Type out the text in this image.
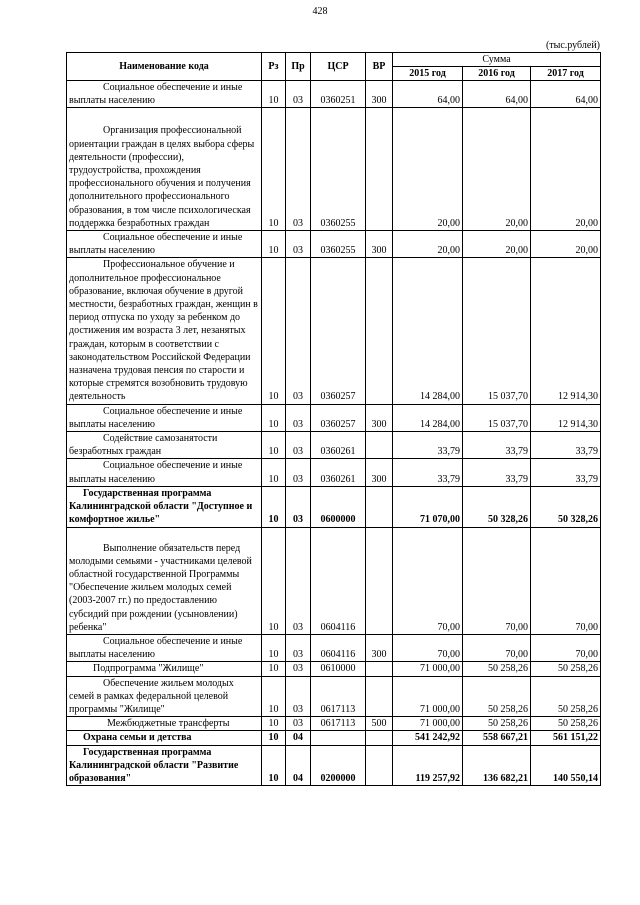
428
(тыс.рублей)
Наименование кода	Рз	Пр	ЦСР	ВР	Сумма		
					2015 год	2016 год	2017 год
Социальное обеспечение и иные выплаты населению	10	03	0360251	300	64,00	64,00	64,00
Организация профессиональной ориентации граждан в целях выбора сферы деятельности (профессии), трудоустройства, прохождения профессионального обучения и получения дополнительного профессионального образования, в том числе психологическая поддержка безработных граждан	10	03	0360255		20,00	20,00	20,00
Социальное обеспечение и иные выплаты населению	10	03	0360255	300	20,00	20,00	20,00
Профессиональное обучение и дополнительное профессиональное образование, включая обучение в другой местности, безработных граждан, женщин в период отпуска по уходу за ребенком до достижения им возраста 3 лет, незанятых граждан, которым в соответствии с законодательством Российской Федерации назначена трудовая пенсия по старости и которые стремятся возобновить трудовую деятельность	10	03	0360257		14 284,00	15 037,70	12 914,30
Социальное обеспечение и иные выплаты населению	10	03	0360257	300	14 284,00	15 037,70	12 914,30
Содействие самозанятости безработных граждан	10	03	0360261		33,79	33,79	33,79
Социальное обеспечение и иные выплаты населению	10	03	0360261	300	33,79	33,79	33,79
Государственная программа Калининградской области "Доступное и комфортное жилье"	10	03	0600000		71 070,00	50 328,26	50 328,26
Выполнение обязательств перед молодыми семьями - участниками целевой областной государственной Программы "Обеспечение жильем молодых семей (2003-2007 гг.) по предоставлению субсидий при рождении (усыновлении) ребенка"	10	03	0604116		70,00	70,00	70,00
Социальное обеспечение и иные выплаты населению	10	03	0604116	300	70,00	70,00	70,00
Подпрограмма "Жилище"	10	03	0610000		71 000,00	50 258,26	50 258,26
Обеспечение жильем молодых семей в рамках федеральной целевой программы "Жилище"	10	03	0617113		71 000,00	50 258,26	50 258,26
Межбюджетные трансферты	10	03	0617113	500	71 000,00	50 258,26	50 258,26
Охрана семьи и детства	10	04			541 242,92	558 667,21	561 151,22
Государственная программа Калининградской области "Развитие образования"	10	04	0200000		119 257,92	136 682,21	140 550,14
